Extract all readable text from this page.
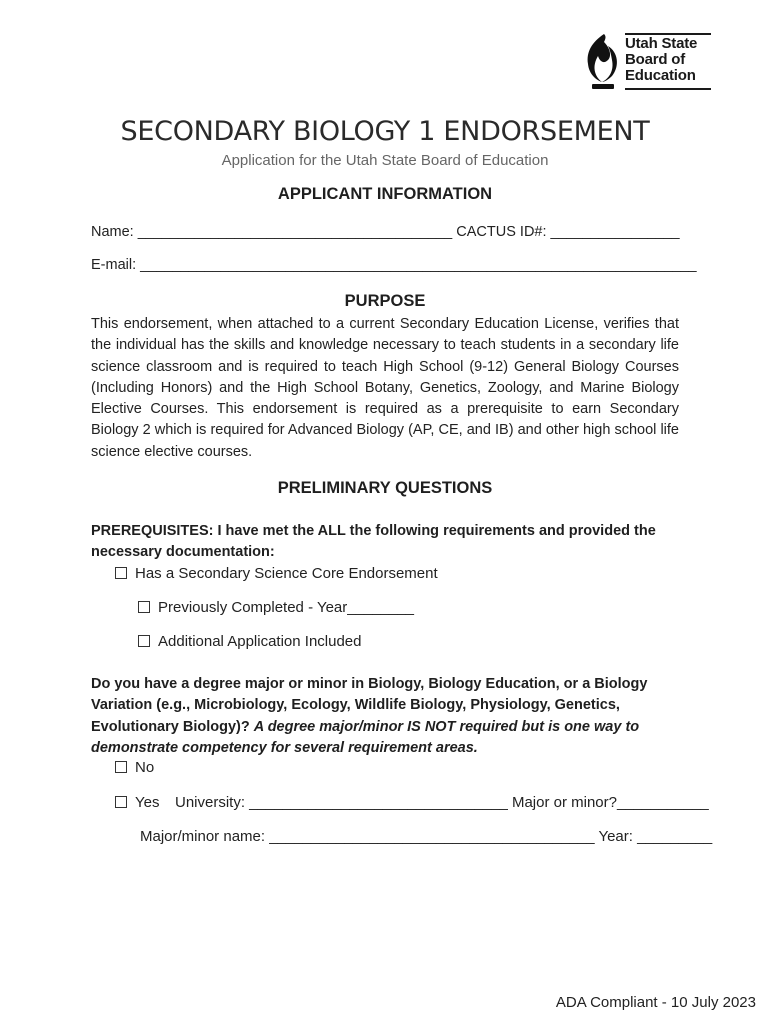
Utah State
Board of
Education
SECONDARY BIOLOGY 1 ENDORSEMENT
Application for the Utah State Board of Education
APPLICANT INFORMATION
Name: _______________________________________ CACTUS ID#: ________________
E-mail: _____________________________________________________________________
PURPOSE
This endorsement, when attached to a current Secondary Education License, verifies that the individual has the skills and knowledge necessary to teach students in a secondary life science classroom and is required to teach High School (9-12) General Biology Courses (Including Honors) and the High School Botany, Genetics, Zoology, and Marine Biology Elective Courses. This endorsement is required as a prerequisite to earn Secondary Biology 2 which is required for Advanced Biology (AP, CE, and IB) and other high school life science elective courses.
PRELIMINARY QUESTIONS
PREREQUISITES: I have met the ALL the following requirements and provided the necessary documentation:
Has a Secondary Science Core Endorsement
Previously Completed - Year________
Additional Application Included
Do you have a degree major or minor in Biology, Biology Education, or a Biology Variation (e.g., Microbiology, Ecology, Wildlife Biology, Physiology, Genetics, Evolutionary Biology)? A degree major/minor IS NOT required but is one way to demonstrate competency for several requirement areas.
No
Yes University: _______________________________ Major or minor?___________
Major/minor name: _______________________________________ Year: _________
ADA Compliant - 10 July 2023
